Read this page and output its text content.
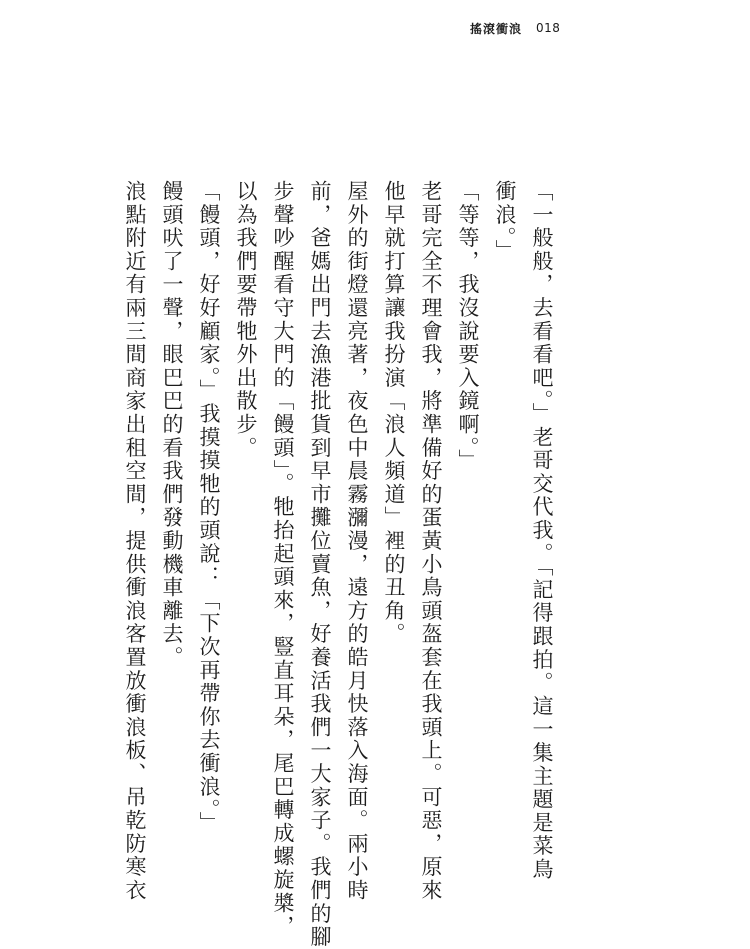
搖滾衝浪 018

「一般般，去看看吧。」老哥交代我。「記得跟拍。這一集主題是菜鳥

衝浪。」

「等等，我沒說要入鏡啊。」

老哥完全不理會我，將準備好的蛋黃小鳥頭盔套在我頭上。可惡，原來

他早就打算讓我扮演「浪人頻道」裡的丑角。

屋外的街燈還亮著，夜色中晨霧瀰漫，遠方的皓月快落入海面。兩小時

前，爸媽出門去漁港批貨到早市攤位賣魚，好養活我們一大家子。我們的腳

步聲吵醒看守大門的「饅頭」。牠抬起頭來，豎直耳朵，尾巴轉成螺旋槳，

以為我們要帶牠外出散步。

「饅頭，好好顧家。」我摸摸牠的頭說：「下次再帶你去衝浪。」

饅頭吠了一聲，眼巴巴的看我們發動機車離去。

浪點附近有兩三間商家出租空間，提供衝浪客置放衝浪板、吊乾防寒衣
